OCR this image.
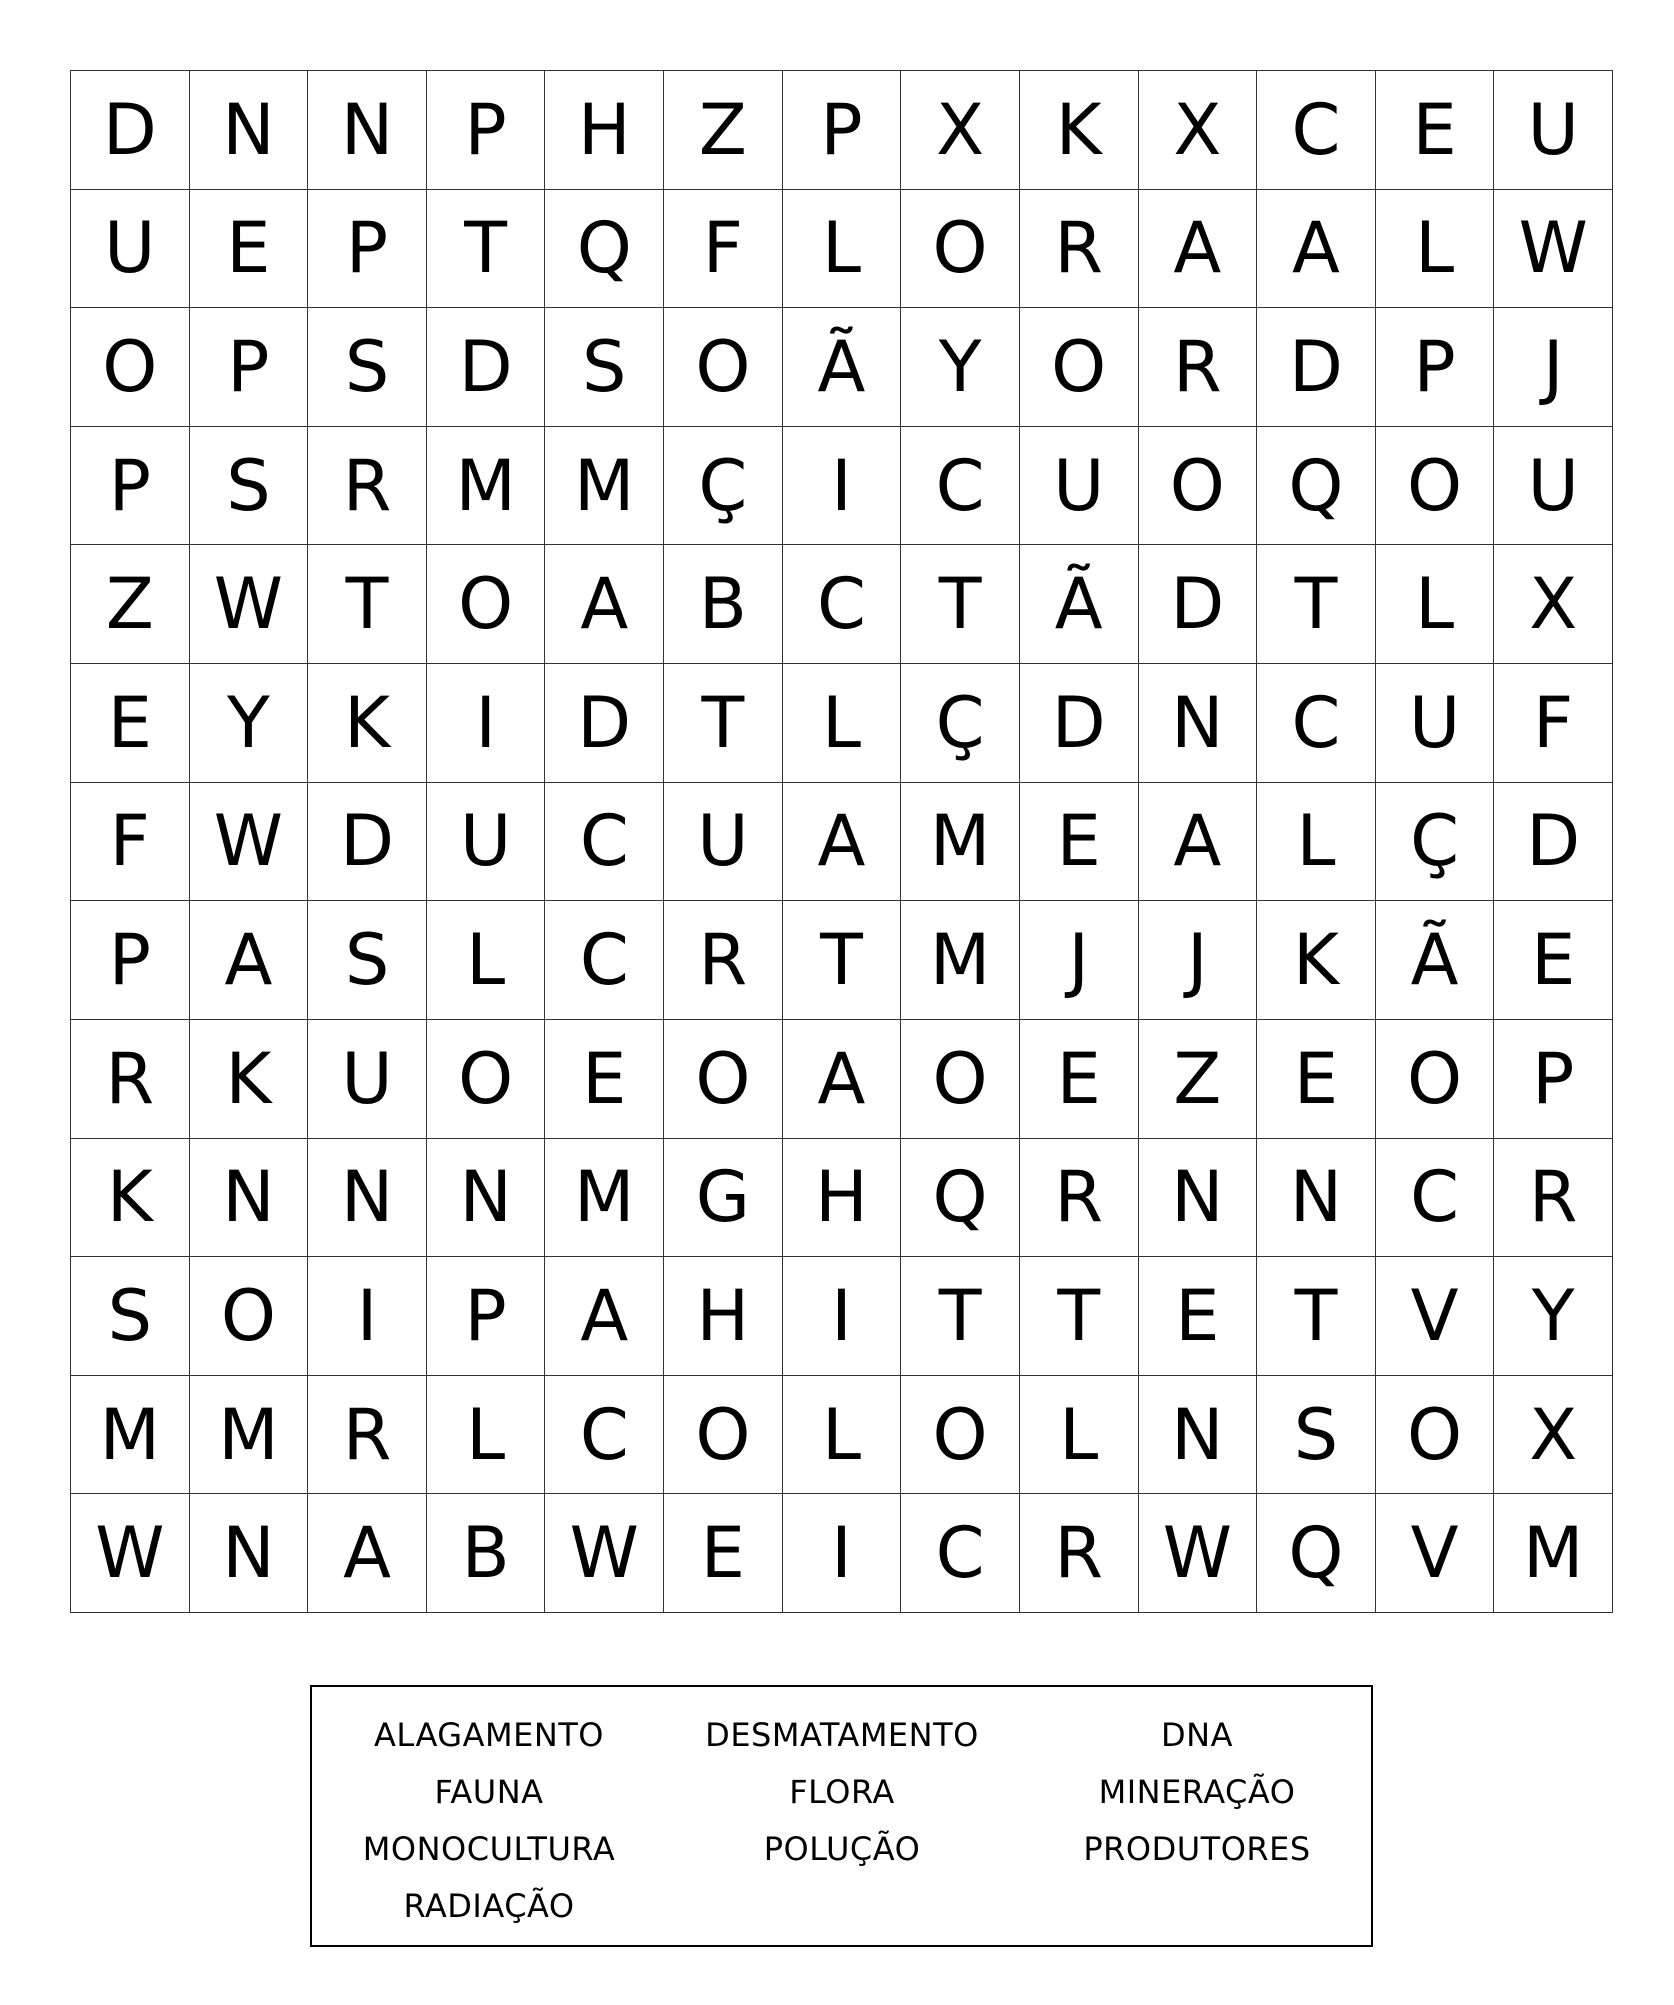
D N N	P	H Z	P	X	K	X	C	E	U
U	E	P	T Q	F	L	O R	A	A	L W
O P	S D S O Ã	Y O R D	P	J
P	S	R M M Ç	I	C U O Q O U
Z W T O A	B	C	T	Ã D	T	L	X
E	Y	K	I	D	T	L	Ç D N C U	F
F W D U C U A M E	A	L	Ç D
P	A	S	L	C R	T M	J	J	K	Ã	E
R	K	U O E O A O E	Z	E O P
K N N N M G H Q R N N C R
S O	I	P	A H	I	T	T	E	T	V	Y
M M R	L	C O	L	O	L	N	S O X
W N A	B W E	I	C R W Q V M
ALAGAMENTO
FAUNA
MONOCULTURA
RADIAÇÃO
DESMATAMENTO
FLORA
POLUÇÃO
DNA
MINERAÇÃO
PRODUTORES
